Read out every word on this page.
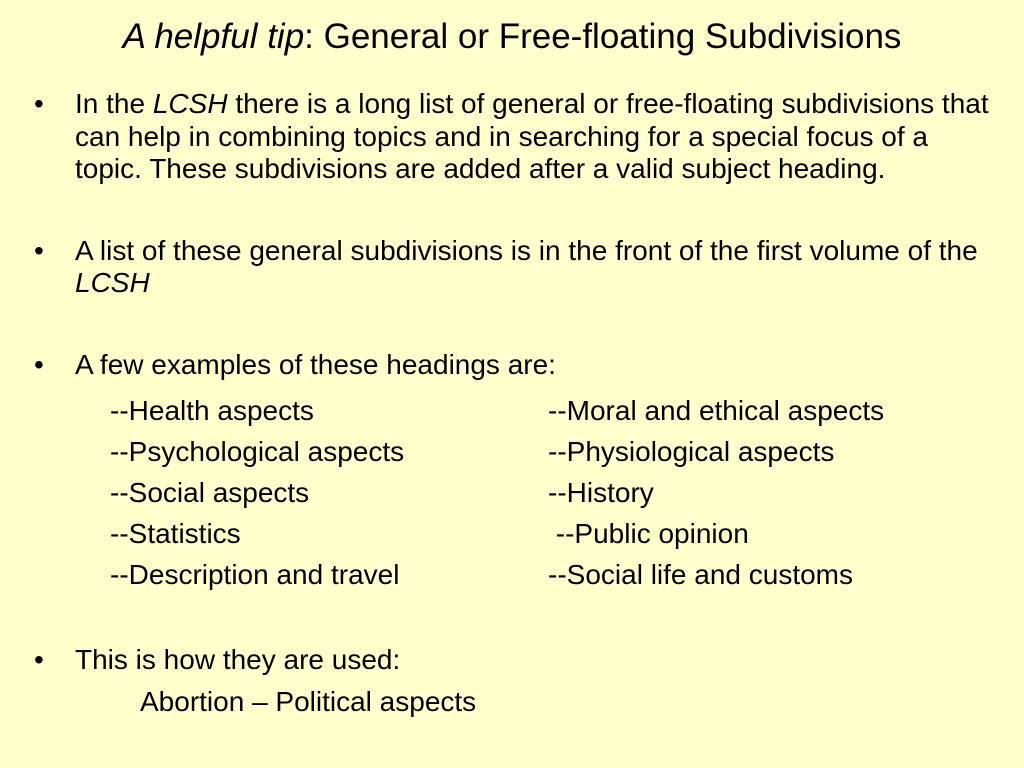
A helpful tip: General or Free-floating Subdivisions

• In the LCSH there is a long list of general or free-floating subdivisions that can help in combining topics and in searching for a special focus of a topic. These subdivisions are added after a valid subject heading.

• A list of these general subdivisions is in the front of the first volume of the LCSH

• A few examples of these headings are:

--Health aspects	--Moral and ethical aspects
--Psychological aspects	--Physiological aspects
--Social aspects	--History
--Statistics	--Public opinion
--Description and travel	--Social life and customs

• This is how they are used:

Abortion – Political aspects
